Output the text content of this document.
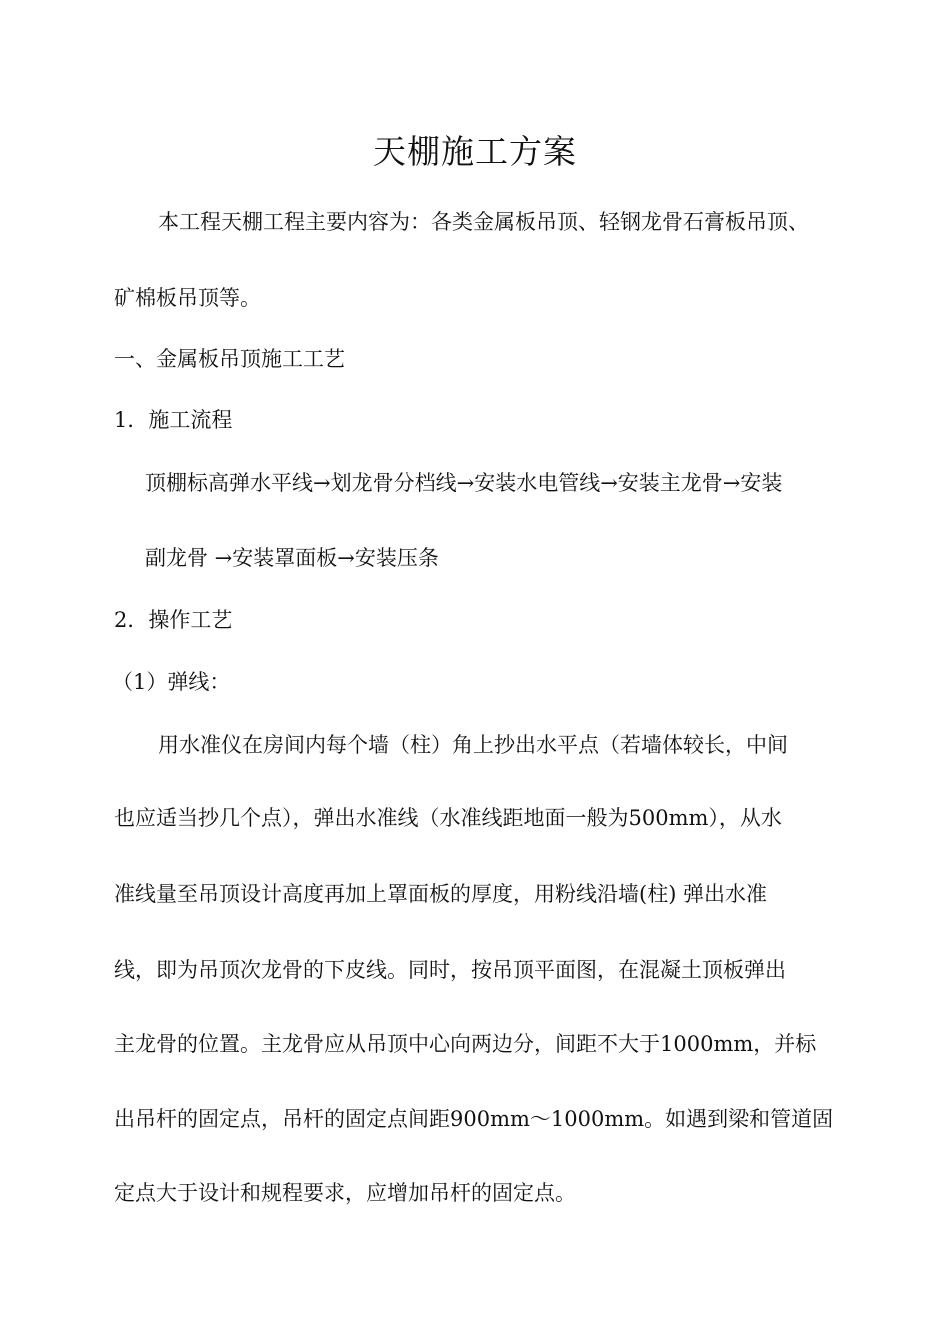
天棚施工方案
本工程天棚工程主要内容为：各类金属板吊顶、轻钢龙骨石膏板吊顶、
矿棉板吊顶等。
一、金属板吊顶施工工艺
1．施工流程
顶棚标高弹水平线→划龙骨分档线→安装水电管线→安装主龙骨→安装
副龙骨 →安装罩面板→安装压条
2．操作工艺
（1）弹线：
用水准仪在房间内每个墙（柱）角上抄出水平点（若墙体较长，中间
也应适当抄几个点），弹出水准线（水准线距地面一般为500mm），从水
准线量至吊顶设计高度再加上罩面板的厚度，用粉线沿墙(柱) 弹出水准
线，即为吊顶次龙骨的下皮线。同时，按吊顶平面图，在混凝土顶板弹出
主龙骨的位置。主龙骨应从吊顶中心向两边分，间距不大于1000mm，并标
出吊杆的固定点，吊杆的固定点间距900mm～1000mm。如遇到梁和管道固
定点大于设计和规程要求，应增加吊杆的固定点。
